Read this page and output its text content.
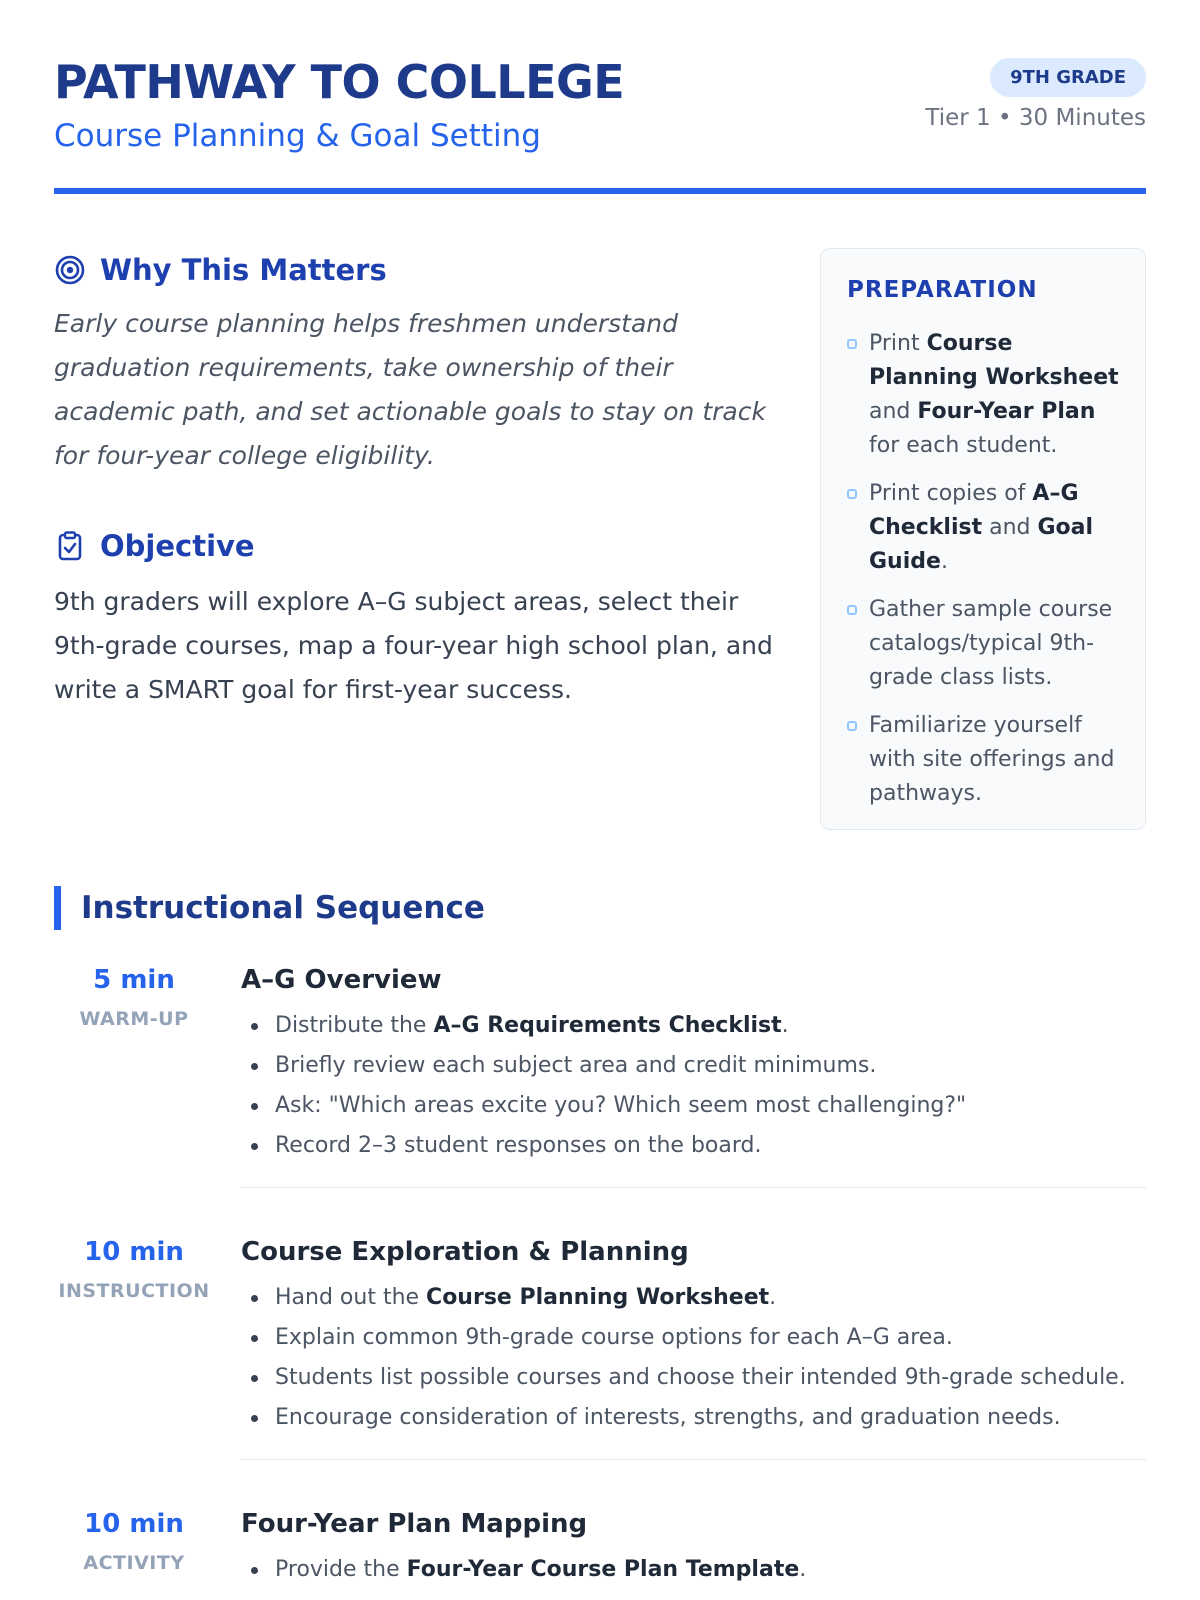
PATHWAY TO COLLEGE
Course Planning & Goal Setting
9TH GRADE
Tier 1 • 30 Minutes
Why This Matters

Early course planning helps freshmen understand graduation requirements, take ownership of their academic path, and set actionable goals to stay on track for four-year college eligibility.

Objective

9th graders will explore A–G subject areas, select their 9th-grade courses, map a four-year high school plan, and write a SMART goal for first-year success.

PREPARATION
Print Course Planning Worksheet and Four-Year Plan for each student.
Print copies of A–G Checklist and Goal Guide.
Gather sample course catalogs/typical 9th-grade class lists.
Familiarize yourself with site offerings and pathways.
Instructional Sequence
5 min
WARM-UP
A–G Overview
Distribute the A–G Requirements Checklist.
Briefly review each subject area and credit minimums.
Ask: "Which areas excite you? Which seem most challenging?"
Record 2–3 student responses on the board.
10 min
INSTRUCTION
Course Exploration & Planning
Hand out the Course Planning Worksheet.
Explain common 9th-grade course options for each A–G area.
Students list possible courses and choose their intended 9th-grade schedule.
Encourage consideration of interests, strengths, and graduation needs.
10 min
ACTIVITY
Four-Year Plan Mapping
Provide the Four-Year Course Plan Template.
